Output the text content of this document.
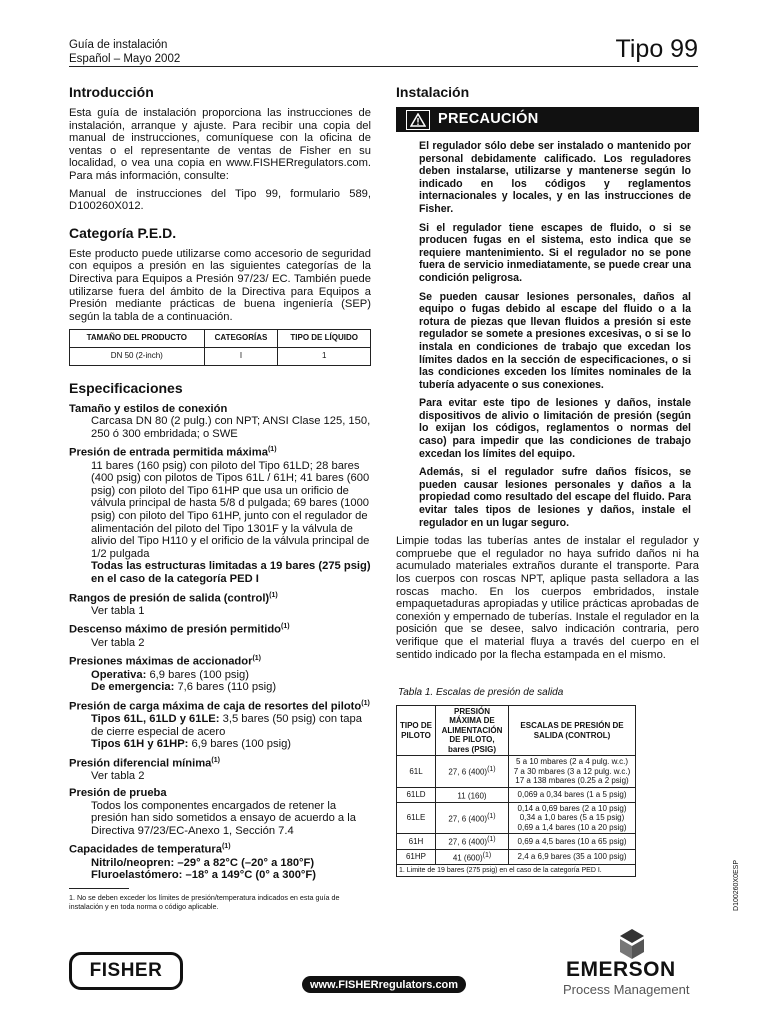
Guía de instalación
Español – Mayo 2002	Tipo 99
Introducción

Esta guía de instalación proporciona las instrucciones de instalación, arranque y ajuste. Para recibir una copia del manual de instrucciones, comuníquese con la oficina de ventas o el representante de ventas de Fisher en su localidad, o vea una copia en www.FISHERregulators.com. Para más información, consulte:

Manual de instrucciones del Tipo 99, formulario 589, D100260X012.

Categoría P.E.D.

Este producto puede utilizarse como accesorio de seguridad con equipos a presión en las siguientes categorías de la Directiva para Equipos a Presión 97/23/ EC. También puede utilizarse fuera del ámbito de la Directiva para Equipos a Presión mediante prácticas de buena ingeniería (SEP) según la tabla de a continuación.

TAMAÑO DEL PRODUCTO	CATEGORÍAS	TIPO DE LÍQUIDO
DN 50 (2-inch)	I	1
Especificaciones
Tamaño y estilos de conexión
Carcasa DN 80 (2 pulg.) con NPT; ANSI Clase 125, 150, 250 ó 300 embridada; o SWE
Presión de entrada permitida máxima$^{(1)}$
11 bares (160 psig) con piloto del Tipo 61LD; 28 bares (400 psig) con pilotos de Tipos 61L / 61H; 41 bares (600 psig) con piloto del Tipo 61HP que usa un orificio de válvula principal de hasta 5/8 d pulgada; 69 bares (1000 psig) con piloto del Tipo 61HP, junto con el regulador de alimentación del piloto del Tipo 1301F y la válvula de alivio del Tipo H110 y el orificio de la válvula principal de 1/2 pulgada
Todas las estructuras limitadas a 19 bares (275 psig) en el caso de la categoría PED I
Rangos de presión de salida (control)$^{(1)}$
Ver tabla 1
Descenso máximo de presión permitido$^{(1)}$
Ver tabla 2
Presiones máximas de accionador$^{(1)}$
Operativa: 6,9 bares (100 psig)
De emergencia: 7,6 bares (110 psig)
Presión de carga máxima de caja de resortes del piloto$^{(1)}$
Tipos 61L, 61LD y 61LE: 3,5 bares (50 psig) con tapa de cierre especial de acero
Tipos 61H y 61HP: 6,9 bares (100 psig)
Presión diferencial mínima$^{(1)}$
Ver tabla 2
Presión de prueba
Todos los componentes encargados de retener la presión han sido sometidos a ensayo de acuerdo a la Directiva 97/23/EC-Anexo 1, Sección 7.4
Capacidades de temperatura$^{(1)}$
Nitrilo/neopren: –29° a 82°C (–20° a 180°F)
Fluroelastómero: –18° a 149°C (0° a 300°F)
1. No se deben exceder los límites de presión/temperatura indicados en esta guía de instalación y en toda norma o código aplicable.
Instalación
PRECAUCIÓN

El regulador sólo debe ser instalado o mantenido por personal debidamente calificado. Los reguladores deben instalarse, utilizarse y mantenerse según lo indicado en los códigos y reglamentos internacionales y locales, y en las instrucciones de Fisher.

Si el regulador tiene escapes de fluido, o si se producen fugas en el sistema, esto indica que se requiere mantenimiento. Si el regulador no se pone fuera de servicio inmediatamente, se puede crear una condición peligrosa.

Se pueden causar lesiones personales, daños al equipo o fugas debido al escape del fluido o a la rotura de piezas que llevan fluidos a presión si este regulador se somete a presiones excesivas, o si se lo instala en condiciones de trabajo que excedan los límites dados en la sección de especificaciones, o si las condiciones exceden los límites nominales de la tubería adyacente o sus conexiones.

Para evitar este tipo de lesiones y daños, instale dispositivos de alivio o limitación de presión (según lo exijan los códigos, reglamentos o normas del caso) para impedir que las condiciones de trabajo excedan los límites del equipo.

Además, si el regulador sufre daños físicos, se pueden causar lesiones personales y daños a la propiedad como resultado del escape del fluido. Para evitar tales tipos de lesiones y daños, instale el regulador en un lugar seguro.

Limpie todas las tuberías antes de instalar el regulador y compruebe que el regulador no haya sufrido daños ni ha acumulado materiales extraños durante el transporte. Para los cuerpos con roscas NPT, aplique pasta selladora a las roscas macho. En los cuerpos embridados, instale empaquetaduras apropiadas y utilice prácticas aprobadas de conexión y empernado de tuberías. Instale el regulador en la posición que se desee, salvo indicación contraria, pero verifique que el material fluya a través del cuerpo en el sentido indicado por la flecha estampada en el mismo.

Tabla 1. Escalas de presión de salida
TIPO DE PILOTO	PRESIÓN MÁXIMA DE ALIMENTACIÓN DE PILOTO, bares (PSIG)	ESCALAS DE PRESIÓN DE SALIDA (CONTROL)
61L	27, 6 $(400)^{(1)}$	5 a 10 mbares (2 a 4 pulg. w.c.)
7 a 30 mbares (3 a 12 pulg. w.c.)
17 a 138 mbares (0.25 a 2 psig)

61LD	11 (160)	0,069 a 0,34 bares (1 a 5 psig)

61LE	27, 6 $(400)^{(1)}$	0,14 a 0,69 bares (2 a 10 psig)
0,34 a 1,0 bares (5 a 15 psig)
0,69 a 1,4 bares (10 a 20 psig)

61H	27, 6 $(400)^{(1)}$	0,69 a 4,5 bares (10 a 65 psig)

61HP	41 $(600)^{(1)}$	2,4 a 6,9 bares (35 a 100 psig)

1. Limite de 19 bares (275 psig) en el caso de la categoría PED I.			D100260X0ESP
FISHER
www.FISHERregulators.com
EMERSON
Process Management
